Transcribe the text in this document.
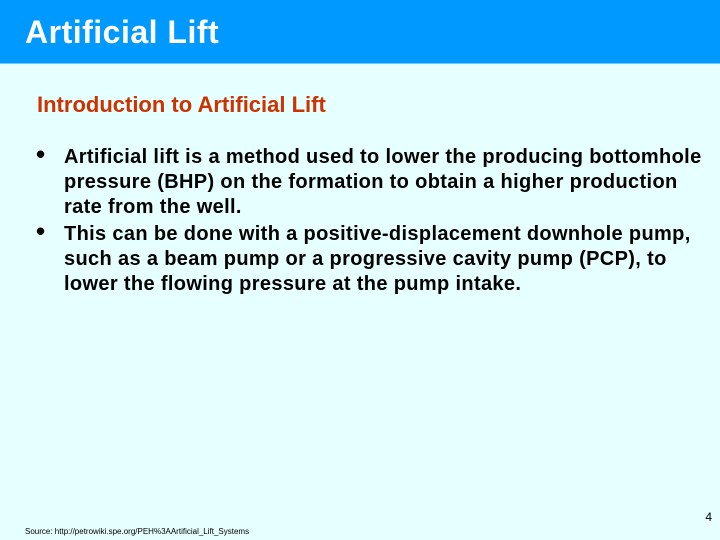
Artificial Lift
Introduction to Artificial Lift
• Artificial lift is a method used to lower the producing bottomhole pressure (BHP) on the formation to obtain a higher production rate from the well.
• This can be done with a positive-displacement downhole pump, such as a beam pump or a progressive cavity pump (PCP), to lower the flowing pressure at the pump intake.
Source: http://petrowiki.spe.org/PEH%3AArtificial_Lift_Systems
4
